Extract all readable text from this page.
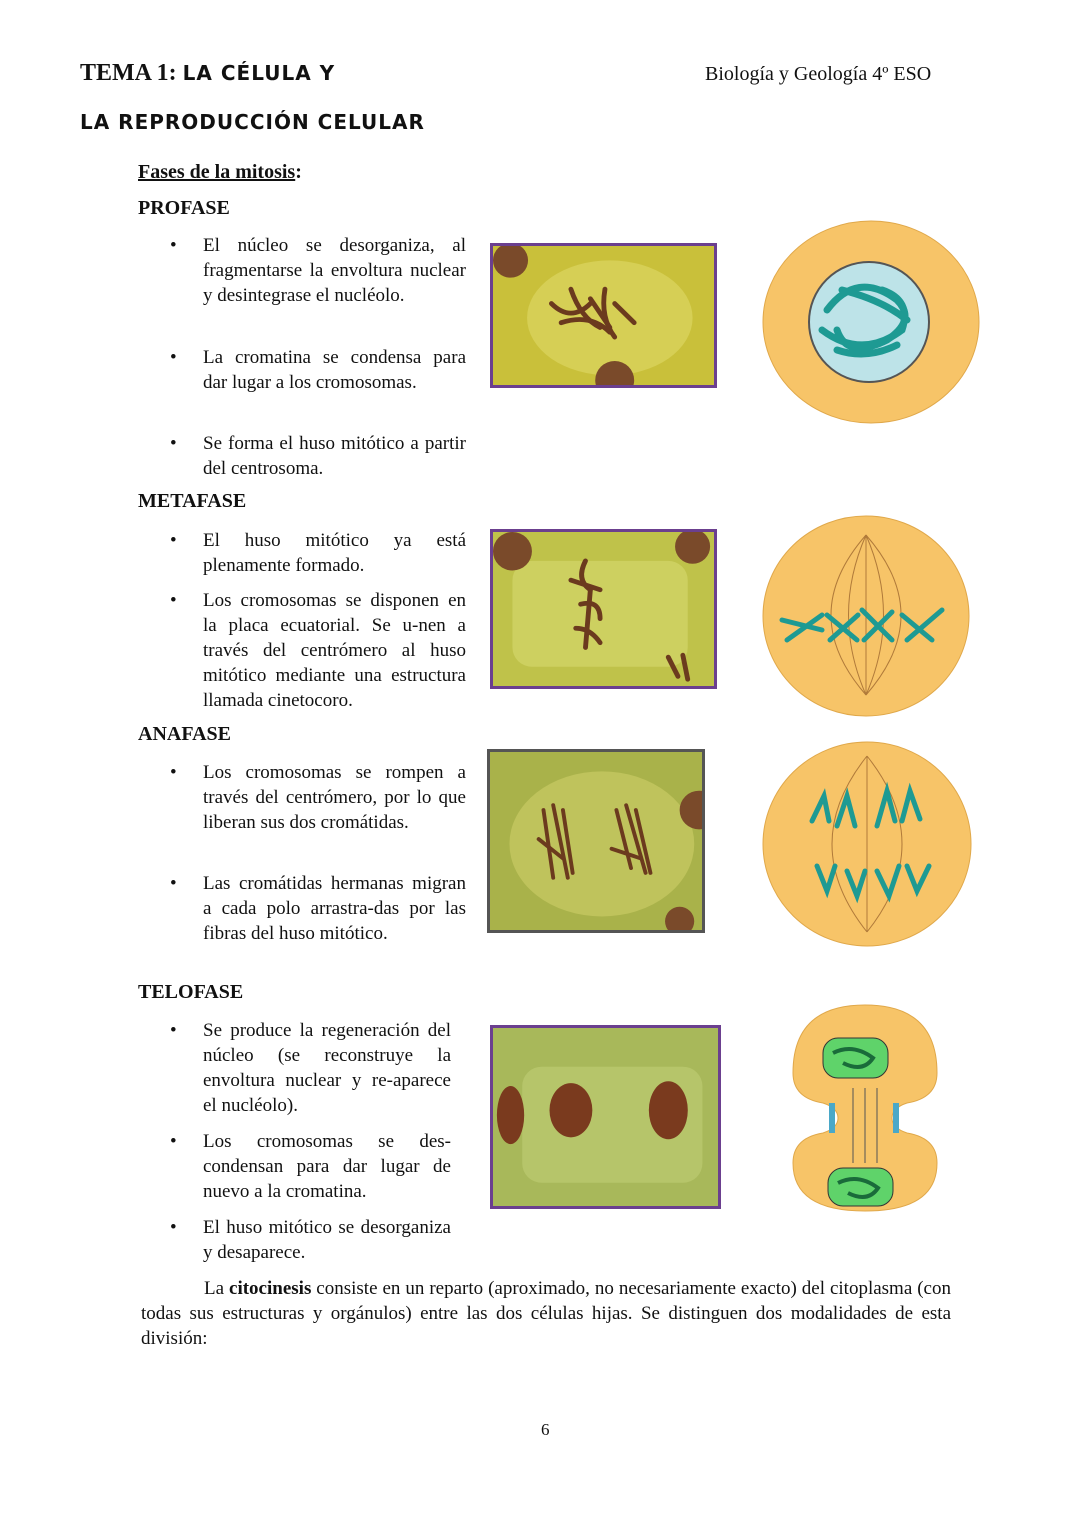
TEMA 1: LA CÉLULA Y
LA REPRODUCCIÓN CELULAR
Biología y Geología 4º ESO
Fases de la mitosis:
PROFASE
• El núcleo se desorganiza, al fragmentarse la envoltura nuclear y desintegrase el nucléolo.
• La cromatina se condensa para dar lugar a los cromosomas.
• Se forma el huso mitótico a partir del centrosoma.
METAFASE
• El huso mitótico ya está plenamente formado.
• Los cromosomas se disponen en la placa ecuatorial. Se u-nen a través del centrómero al huso mitótico mediante una estructura llamada cinetocoro.
ANAFASE
• Los cromosomas se rompen a través del centrómero, por lo que liberan sus dos cromátidas.
• Las cromátidas hermanas migran a cada polo arrastra-das por las fibras del huso mitótico.
TELOFASE
• Se produce la regeneración del núcleo (se reconstruye la envoltura nuclear y re-aparece el nucléolo).
• Los cromosomas se des-condensan para dar lugar de nuevo a la cromatina.
• El huso mitótico se desorganiza y desaparece.
La citocinesis consiste en un reparto (aproximado, no necesariamente exacto) del citoplasma (con todas sus estructuras y orgánulos) entre las dos células hijas. Se distinguen dos modalidades de esta división:
6
